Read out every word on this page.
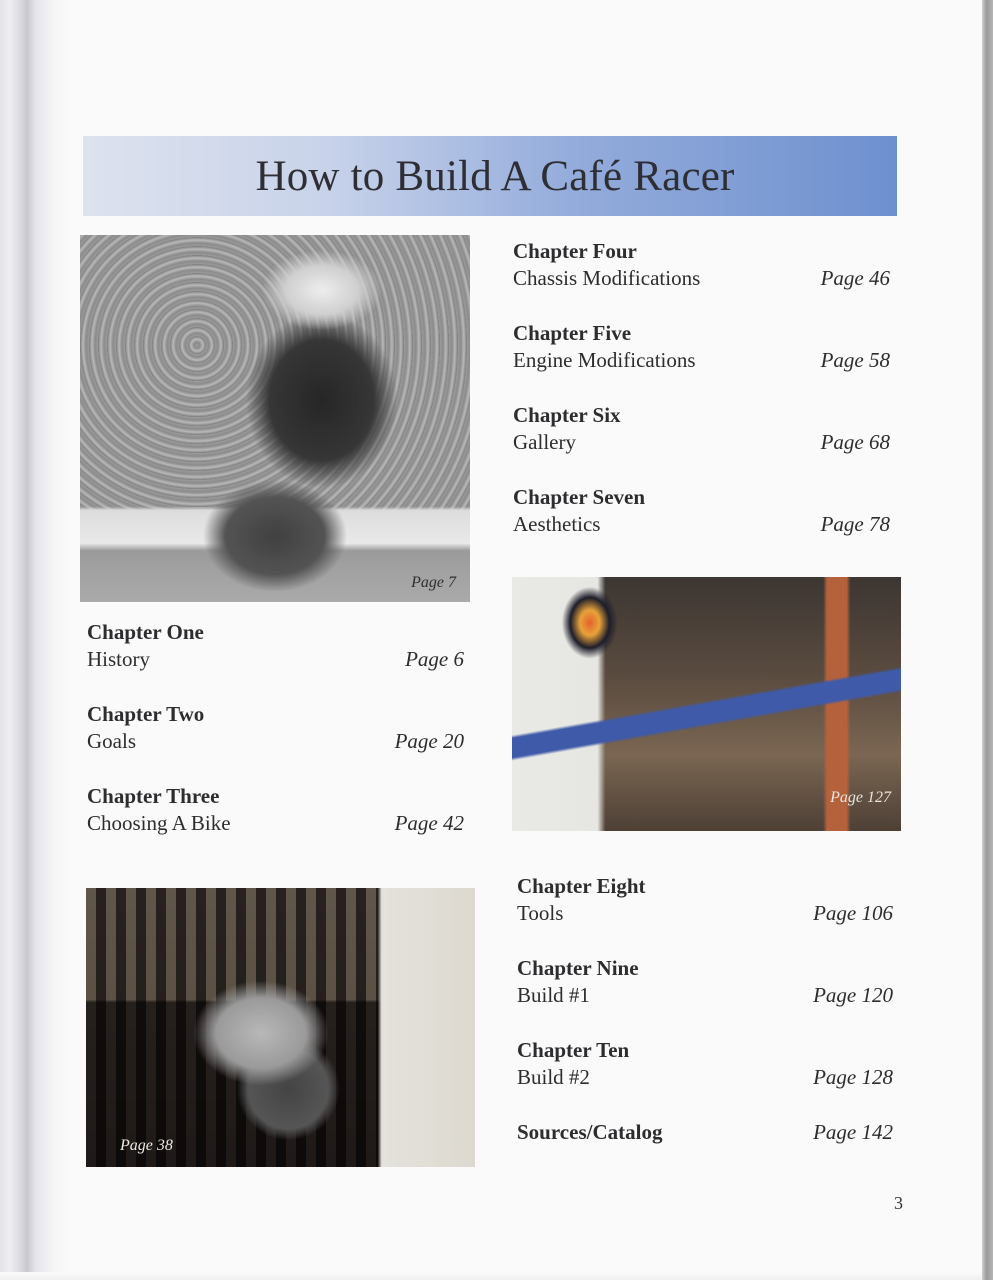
How to Build A Café Racer
Page 7
Page 127
Page 38
Chapter One
History	Page 6
Chapter Two
Goals	Page 20
Chapter Three
Choosing A Bike	Page 42
Chapter Four
Chassis Modifications	Page 46
Chapter Five
Engine Modifications	Page 58
Chapter Six
Gallery	Page 68
Chapter Seven
Aesthetics	Page 78
Chapter Eight
Tools	Page 106
Chapter Nine
Build #1	Page 120
Chapter Ten
Build #2	Page 128
Sources/Catalog	Page 142
3
